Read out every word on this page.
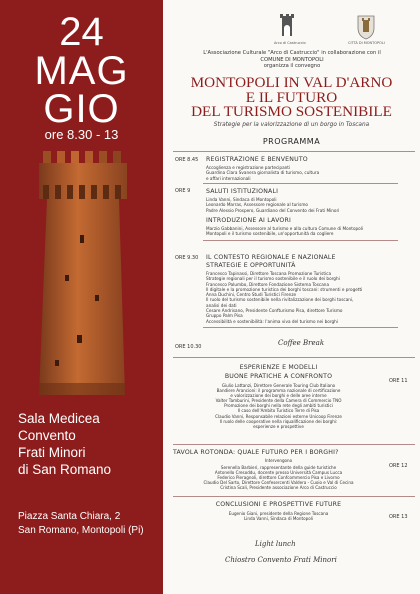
24
MAG
GIO
ore 8.30 - 13
Sala Medicea
Convento
Frati Minori
di San Romano
Piazza Santa Chiara, 2
San Romano, Montopoli (Pi)
Arco di Castruccio	CITTÀ DI MONTOPOLI
L'Associazione Culturale "Arco di Castruccio" in collaborazione con il
COMUNE DI MONTOPOLI
organizza il convegno
MONTOPOLI IN VAL D'ARNO
E IL FUTURO
DEL TURISMO SOSTENIBILE
Strategie per la valorizzazione di un borgo in Toscana
PROGRAMMA
ORE 8.45 REGISTRAZIONE E BENVENUTO
Accoglienza e registrazione partecipanti
Guardina Clara Svanera giornalista di turismo, cultura
e affari internazionali
ORE 9	SALUTI ISTITUZIONALI
Linda Vanni, Sindaca di Montopoli
Leonardo Marras, Assessore regionale al turismo
Padre Alessio Prospero, Guardiano del Convento dei Frati Minori
INTRODUZIONE AI LAVORI
Marzio Gabbanini, Assessore al turismo e alla cultura Comune di Montopoli
Montopoli e il turismo sostenibile, un'opportunità da cogliere
ORE 9.30 IL CONTESTO REGIONALE E NAZIONALE
STRATEGIE E OPPORTUNITÀ
Francesco Tapinassi, Direttore Toscana Promozione Turistica
Strategie regionali per il turismo sostenibile e il ruolo dei borghi
Francesco Palumbo, Direttore Fondazione Sistema Toscana
Il digitale e la promozione turistica dei borghi toscani: strumenti e progetti
Anna Duchini, Centro Studi Turistici Firenze
Il ruolo del turismo sostenibile nella rivitalizzazione dei borghi toscani,
analisi dei dati
Cesare Andrisano, Presidente Confturismo Pisa, direttore Turismo
Gruppo Palm Pisa
Accessibilità e sostenibilità: l'anima viva del turismo nei borghi
ORE 10.30	Coffee Break
ESPERIENZE E MODELLI
BUONE PRATICHE A CONFRONTO
ORE 11
Giulio Lattanzi, Direttore Generale Touring Club Italiano
Bandiere Arancioni: il programma nazionale di certificazione
e valorizzazione dei borghi e delle aree interne
Valter Tamburini, Presidente della Camera di Commercio TNO
Promozione dei borghi nella rete degli ambiti turistici
Il caso dell'Ambito Turistico Terre di Pisa
Claudio Vanni, Responsabile relazioni esterne Unicoop Firenze
Il ruolo delle cooperative nella riqualificazione dei borghi:
esperienze e prospettive
TAVOLA ROTONDA: QUALE FUTURO PER I BORGHI?
Intervengono
ORE 12
Serenella Barbieri, rappresentante della guide turistiche
Antonello Cresoddu, docente presso Università Campus Lucca
Federico Pieragnoli, direttore Confcommercio Pisa e Livorno
Claudio Del Sarto, Direttore Confesercenti Valdera - Cuoio e Val di Cecina
Cristina Scali, Presidente associazione Arco di Castruccio
CONCLUSIONI E PROSPETTIVE FUTURE
ORE 13
Eugenio Giani, presidente della Regione Toscana
Linda Vanni, Sindaca di Montopoli
Light lunch
Chiostro Convento Frati Minori
